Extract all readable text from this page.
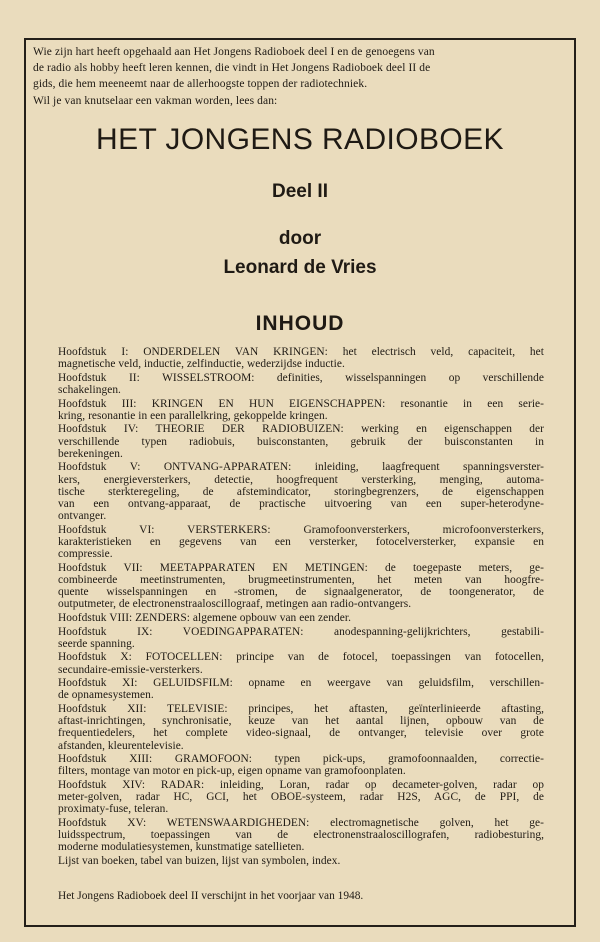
Wie zijn hart heeft opgehaald aan Het Jongens Radioboek deel I en de genoegens van
de radio als hobby heeft leren kennen, die vindt in Het Jongens Radioboek deel II de
gids, die hem meeneemt naar de allerhoogste toppen der radiotechniek.
Wil je van knutselaar een vakman worden, lees dan:
HET JONGENS RADIOBOEK
Deel II
door
Leonard de Vries
INHOUD
Hoofdstuk I: ONDERDELEN VAN KRINGEN: het electrisch veld, capaciteit, het
magnetische veld, inductie, zelfinductie, wederzijdse inductie.
Hoofdstuk II: WISSELSTROOM: definities, wisselspanningen op verschillende
schakelingen.
Hoofdstuk III: KRINGEN EN HUN EIGENSCHAPPEN: resonantie in een serie-
kring, resonantie in een parallelkring, gekoppelde kringen.
Hoofdstuk IV: THEORIE DER RADIOBUIZEN: werking en eigenschappen der
verschillende typen radiobuis, buisconstanten, gebruik der buisconstanten in
berekeningen.
Hoofdstuk V: ONTVANG-APPARATEN: inleiding, laagfrequent spanningsverster-
kers, energieversterkers, detectie, hoogfrequent versterking, menging, automa-
tische sterkteregeling, de afstemindicator, storingbegrenzers, de eigenschappen
van een ontvang-apparaat, de practische uitvoering van een super-heterodyne-
ontvanger.
Hoofdstuk VI: VERSTERKERS: Gramofoonversterkers, microfoonversterkers,
karakteristieken en gegevens van een versterker, fotocelversterker, expansie en
compressie.
Hoofdstuk VII: MEETAPPARATEN EN METINGEN: de toegepaste meters, ge-
combineerde meetinstrumenten, brugmeetinstrumenten, het meten van hoogfre-
quente wisselspanningen en -stromen, de signaalgenerator, de toongenerator, de
outputmeter, de electronenstraaloscillograaf, metingen aan radio-ontvangers.
Hoofdstuk VIII: ZENDERS: algemene opbouw van een zender.
Hoofdstuk IX: VOEDINGAPPARATEN: anodespanning-gelijkrichters, gestabili-
seerde spanning.
Hoofdstuk X: FOTOCELLEN: principe van de fotocel, toepassingen van fotocellen,
secundaire-emissie-versterkers.
Hoofdstuk XI: GELUIDSFILM: opname en weergave van geluidsfilm, verschillen-
de opnamesystemen.
Hoofdstuk XII: TELEVISIE: principes, het aftasten, geïnterlinieerde aftasting,
aftast-inrichtingen, synchronisatie, keuze van het aantal lijnen, opbouw van de
frequentiedelers, het complete video-signaal, de ontvanger, televisie over grote
afstanden, kleurentelevisie.
Hoofdstuk XIII: GRAMOFOON: typen pick-ups, gramofoonnaalden, correctie-
filters, montage van motor en pick-up, eigen opname van gramofoonplaten.
Hoofdstuk XIV: RADAR: inleiding, Loran, radar op decameter-golven, radar op
meter-golven, radar HC, GCI, het OBOE-systeem, radar H2S, AGC, de PPI, de
proximaty-fuse, teleran.
Hoofdstuk XV: WETENSWAARDIGHEDEN: electromagnetische golven, het ge-
luidsspectrum, toepassingen van de electronenstraaloscillografen, radiobesturing,
moderne modulatiesystemen, kunstmatige satellieten.
Lijst van boeken, tabel van buizen, lijst van symbolen, index.
Het Jongens Radioboek deel II verschijnt in het voorjaar van 1948.
